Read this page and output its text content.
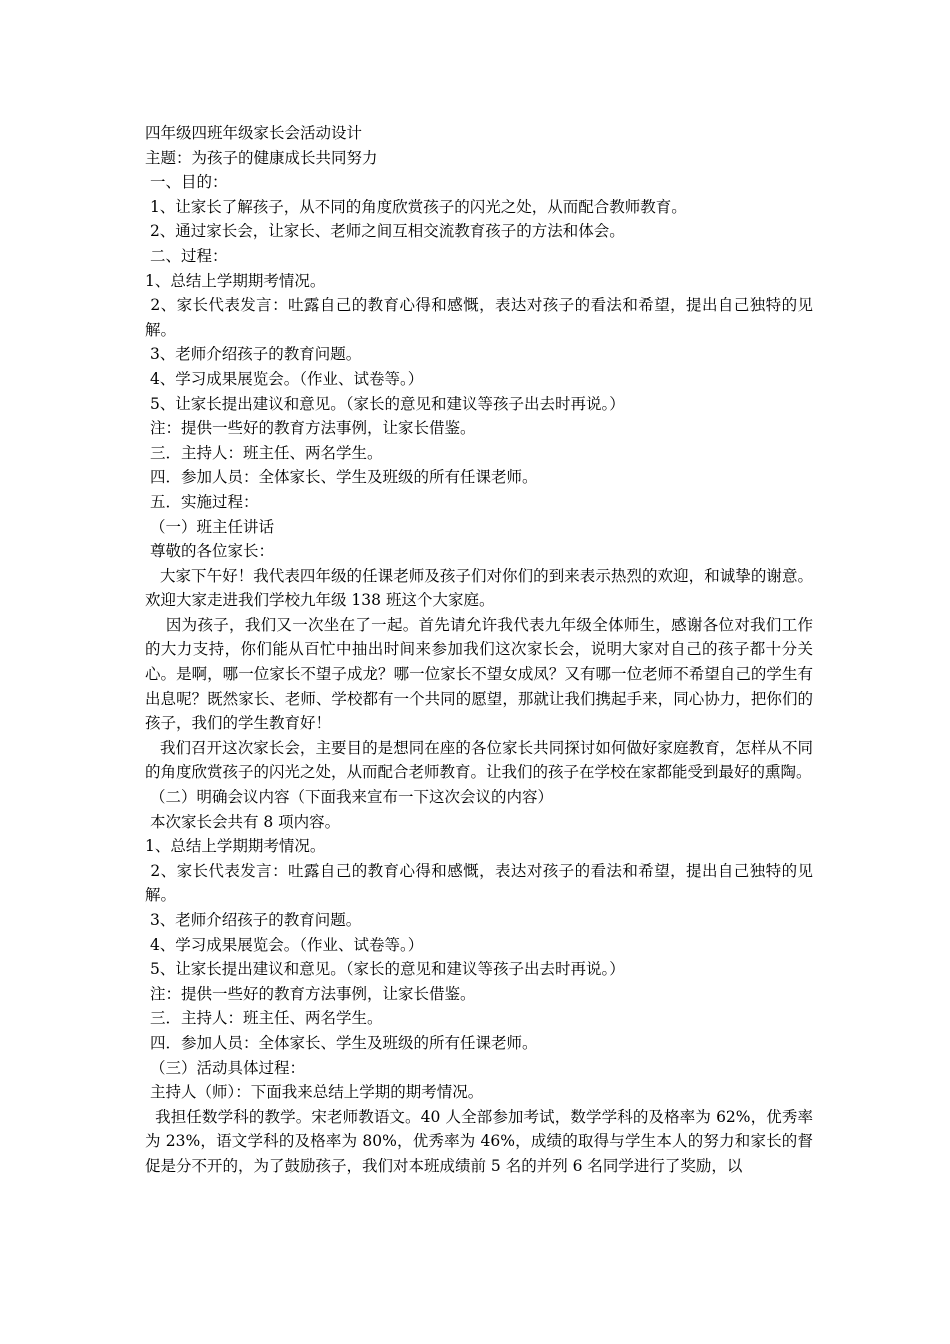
四年级四班年级家长会活动设计

主题：为孩子的健康成长共同努力

一、目的：

1、让家长了解孩子，从不同的角度欣赏孩子的闪光之处，从而配合教师教育。

2、通过家长会，让家长、老师之间互相交流教育孩子的方法和体会。

二、过程：

1、总结上学期期考情况。

2、家长代表发言：吐露自己的教育心得和感慨，表达对孩子的看法和希望，提出自己独特的见解。

3、老师介绍孩子的教育问题。

4、学习成果展览会。（作业、试卷等。）

5、让家长提出建议和意见。（家长的意见和建议等孩子出去时再说。）

注：提供一些好的教育方法事例，让家长借鉴。

三．主持人：班主任、两名学生。

四．参加人员：全体家长、学生及班级的所有任课老师。

五．实施过程：

（一）班主任讲话

尊敬的各位家长：

大家下午好！我代表四年级的任课老师及孩子们对你们的到来表示热烈的欢迎，和诚挚的谢意。欢迎大家走进我们学校九年级 138 班这个大家庭。

因为孩子，我们又一次坐在了一起。首先请允许我代表九年级全体师生，感谢各位对我们工作的大力支持，你们能从百忙中抽出时间来参加我们这次家长会，说明大家对自己的孩子都十分关心。是啊，哪一位家长不望子成龙？哪一位家长不望女成凤？又有哪一位老师不希望自己的学生有出息呢？既然家长、老师、学校都有一个共同的愿望，那就让我们携起手来，同心协力，把你们的孩子，我们的学生教育好！

我们召开这次家长会，主要目的是想同在座的各位家长共同探讨如何做好家庭教育，怎样从不同的角度欣赏孩子的闪光之处，从而配合老师教育。让我们的孩子在学校在家都能受到最好的熏陶。

（二）明确会议内容（下面我来宣布一下这次会议的内容）

本次家长会共有 8 项内容。

1、总结上学期期考情况。

2、家长代表发言：吐露自己的教育心得和感慨，表达对孩子的看法和希望，提出自己独特的见解。

3、老师介绍孩子的教育问题。

4、学习成果展览会。（作业、试卷等。）

5、让家长提出建议和意见。（家长的意见和建议等孩子出去时再说。）

注：提供一些好的教育方法事例，让家长借鉴。

三．主持人：班主任、两名学生。

四．参加人员：全体家长、学生及班级的所有任课老师。

（三）活动具体过程：

主持人（师）：下面我来总结上学期的期考情况。

我担任数学科的教学。宋老师教语文。40 人全部参加考试，数学学科的及格率为 62%，优秀率为 23%，语文学科的及格率为 80%，优秀率为 46%，成绩的取得与学生本人的努力和家长的督促是分不开的，为了鼓励孩子，我们对本班成绩前 5 名的并列 6 名同学进行了奖励，以
